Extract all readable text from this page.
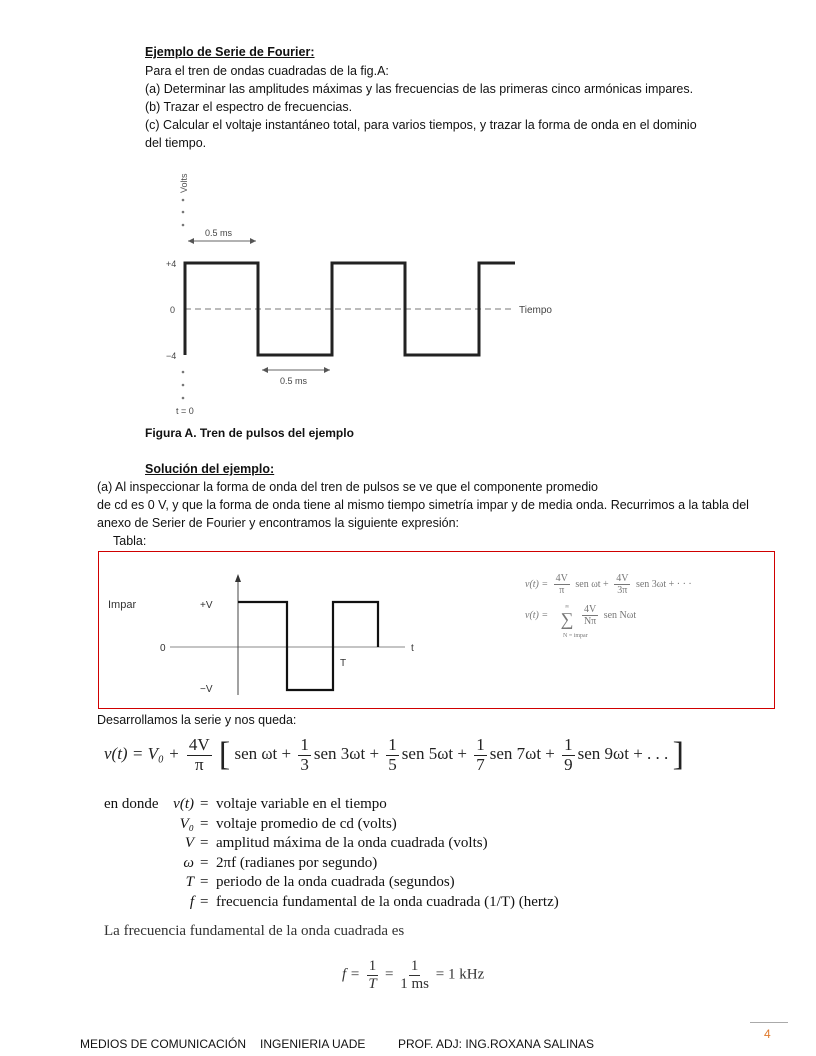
Ejemplo de Serie de Fourier:
Para el tren de ondas cuadradas de la fig.A:
(a) Determinar las amplitudes máximas y las frecuencias de las primeras cinco armónicas impares.
(b) Trazar el espectro de frecuencias.
(c) Calcular el voltaje instantáneo total, para varios tiempos, y trazar la forma de onda en el dominio
del tiempo.
Volts
0.5 ms
+4
0
−4
Tiempo
0.5 ms
t = 0
Figura A. Tren de pulsos del ejemplo
Solución del ejemplo:
(a) Al inspeccionar la forma de onda del tren de pulsos se ve que el componente promedio
de cd es 0 V, y que la forma de onda tiene al mismo tiempo simetría impar y de media onda. Recurrimos a la tabla del
anexo de Serier de Fourier y encontramos la siguiente expresión:
Tabla:
Impar	+V
0
−V
t
T
$v(t) = \frac{4V}{\pi}$ sen $\omega t + \frac{4V}{3\pi}$ sen 3ωt + · · ·
v(t) =
∞
∑
$\frac{4V}{N\pi}$ sen Nωt
N = impar
Desarrollamos la serie y nos queda:
$v(t) = V_0 + \frac{4V}{\pi}$ [ sen $\omega t + \frac{1}{3}$ sen $3\omega t + \frac{1}{5}$ sen $5\omega t + \frac{1}{7}$ sen $7\omega t + \frac{1}{9}$ sen 9ωt + . . . ]
en donde v(t) = voltaje variable en el tiempo
V₀ = voltaje promedio de cd (volts)
V = amplitud máxima de la onda cuadrada (volts)
ω = 2πf (radianes por segundo)
T = periodo de la onda cuadrada (segundos)
f = frecuencia fundamental de la onda cuadrada (1/T) (hertz)
La frecuencia fundamental de la onda cuadrada es
$f = \frac{1}{T} = \frac{1}{1 ms} = 1$ kHz
4
MEDIOS DE COMUNICACIÓN INGENIERIA UADE	PROF. ADJ: ING.ROXANA SALINAS
